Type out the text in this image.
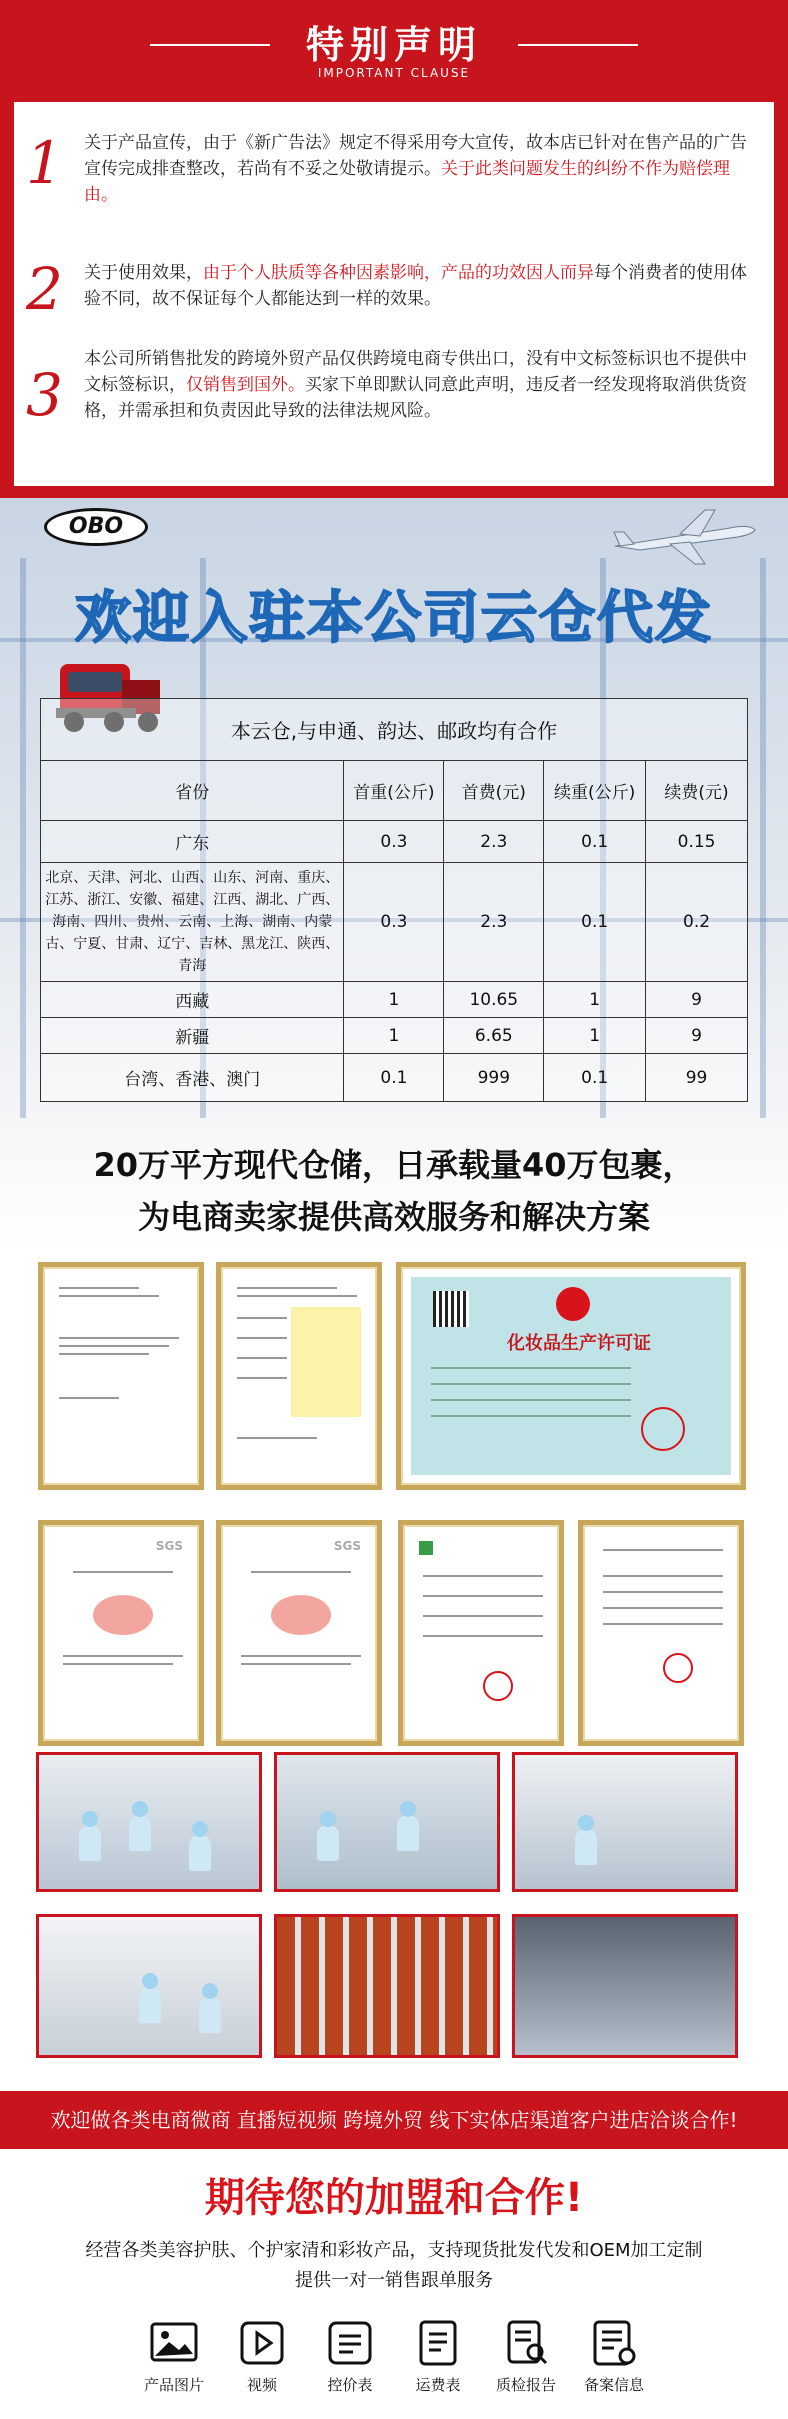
特别声明
IMPORTANT CLAUSE
1	关于产品宣传，由于《新广告法》规定不得采用夸大宣传，故本店已针对在售产品的广告宣传完成排查整改，若尚有不妥之处敬请提示。关于此类问题发生的纠纷不作为赔偿理由。
2	关于使用效果，由于个人肤质等各种因素影响，产品的功效因人而异每个消费者的使用体验不同，故不保证每个人都能达到一样的效果。
3
本公司所销售批发的跨境外贸产品仅供跨境电商专供出口，没有中文标签标识也不提供中文标签标识，仅销售到国外。买家下单即默认同意此声明，违反者一经发现将取消供货资格，并需承担和负责因此导致的法律法规风险。
OBO
欢迎入驻本公司云仓代发
本云仓,与申通、韵达、邮政均有合作				
省份	首重(公斤)	首费(元)	续重(公斤)	续费(元)
广东	0.3	2.3	0.1	0.15
北京、天津、河北、山西、山东、河南、重庆、江苏、浙江、安徽、福建、江西、湖北、广西、海南、四川、贵州、云南、上海、湖南、内蒙古、宁夏、甘肃、辽宁、吉林、黑龙江、陕西、青海	0.3	2.3	0.1	0.2
西藏	1	10.65	1	9
新疆	1	6.65	1	9
台湾、香港、澳门	0.1	999	0.1	99
20万平方现代仓储，日承载量40万包裹，
为电商卖家提供高效服务和解决方案
化妆品生产许可证
SGS	SGS
欢迎做各类电商微商 直播短视频 跨境外贸 线下实体店渠道客户进店洽谈合作!
期待您的加盟和合作!
经营各类美容护肤、个护家清和彩妆产品，支持现货批发代发和OEM加工定制
提供一对一销售跟单服务
产品图片	视频	控价表	运费表	质检报告	备案信息
